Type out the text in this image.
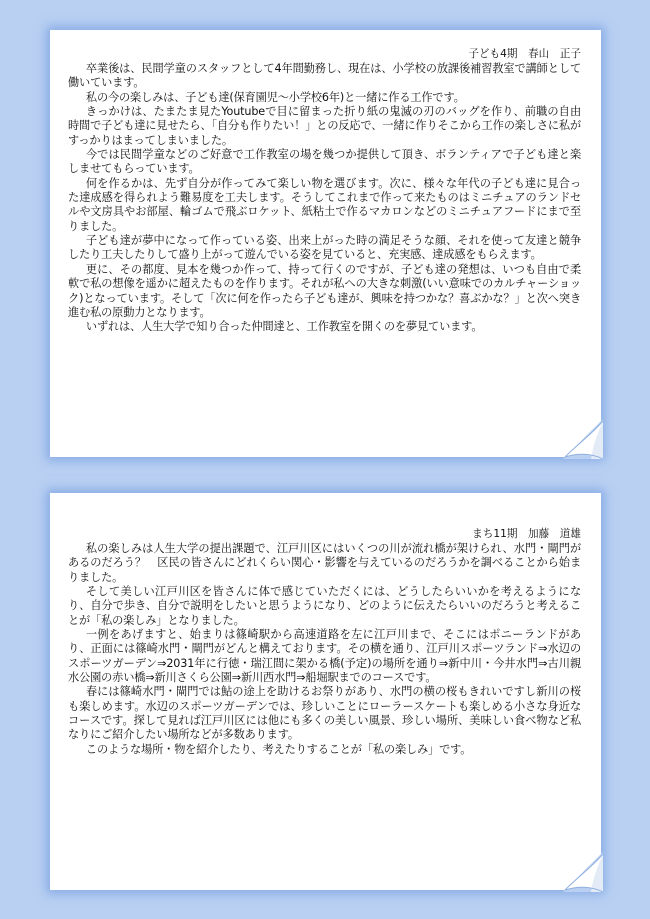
子ども4期　春山　正子

卒業後は、民間学童のスタッフとして4年間勤務し、現在は、小学校の放課後補習教室で講師として働いています。

私の今の楽しみは、子ども達(保育園児～小学校6年)と一緒に作る工作です。

きっかけは、たまたま見たYoutubeで目に留まった折り紙の鬼滅の刃のバッグを作り、前職の自由時間で子ども達に見せたら、「自分も作りたい！」との反応で、一緒に作りそこから工作の楽しさに私がすっかりはまってしまいました。

今では民間学童などのご好意で工作教室の場を幾つか提供して頂き、ボランティアで子ども達と楽しませてもらっています。

何を作るかは、先ず自分が作ってみて楽しい物を選びます。次に、様々な年代の子ども達に見合った達成感を得られよう難易度を工夫します。そうしてこれまで作って来たものはミニチュアのランドセルや文房具やお部屋、輪ゴムで飛ぶロケット、紙粘土で作るマカロンなどのミニチュアフードにまで至りました。

子ども達が夢中になって作っている姿、出来上がった時の満足そうな顔、それを使って友達と競争したり工夫したりして盛り上がって遊んでいる姿を見ていると、充実感、達成感をもらえます。

更に、その都度、見本を幾つか作って、持って行くのですが、子ども達の発想は、いつも自由で柔軟で私の想像を遥かに超えたものを作ります。それが私への大きな刺激(いい意味でのカルチャーショック)となっています。そして「次に何を作ったら子ども達が、興味を持つかな？喜ぶかな？」と次へ突き進む私の原動力となります。

いずれは、人生大学で知り合った仲間達と、工作教室を開くのを夢見ています。

まち11期　加藤　道雄

私の楽しみは人生大学の提出課題で、江戸川区にはいくつの川が流れ橋が架けられ、水門・閘門があるのだろう？　区民の皆さんにどれくらい関心・影響を与えているのだろうかを調べることから始まりました。

そして美しい江戸川区を皆さんに体で感じていただくには、どうしたらいいかを考えるようになり、自分で歩き、自分で説明をしたいと思うようになり、どのように伝えたらいいのだろうと考えることが「私の楽しみ」となりました。

一例をあげますと、始まりは篠崎駅から高速道路を左に江戸川まで、そこにはポニーランドがあり、正面には篠崎水門・閘門がどんと構えております。その横を通り、江戸川スポーツランド⇒水辺のスポーツガーデン⇒2031年に行徳・瑞江間に架かる橋(予定)の場所を通り⇒新中川・今井水門⇒古川親水公園の赤い橋⇒新川さくら公園⇒新川西水門⇒船堀駅までのコースです。

春には篠崎水門・閘門では鮎の途上を助けるお祭りがあり、水門の横の桜もきれいですし新川の桜も楽しめます。水辺のスポーツガーデンでは、珍しいことにローラースケートも楽しめる小さな身近なコースです。探して見れば江戸川区には他にも多くの美しい風景、珍しい場所、美味しい食べ物など私なりにご紹介したい場所などが多数あります。

このような場所・物を紹介したり、考えたりすることが「私の楽しみ」です。
